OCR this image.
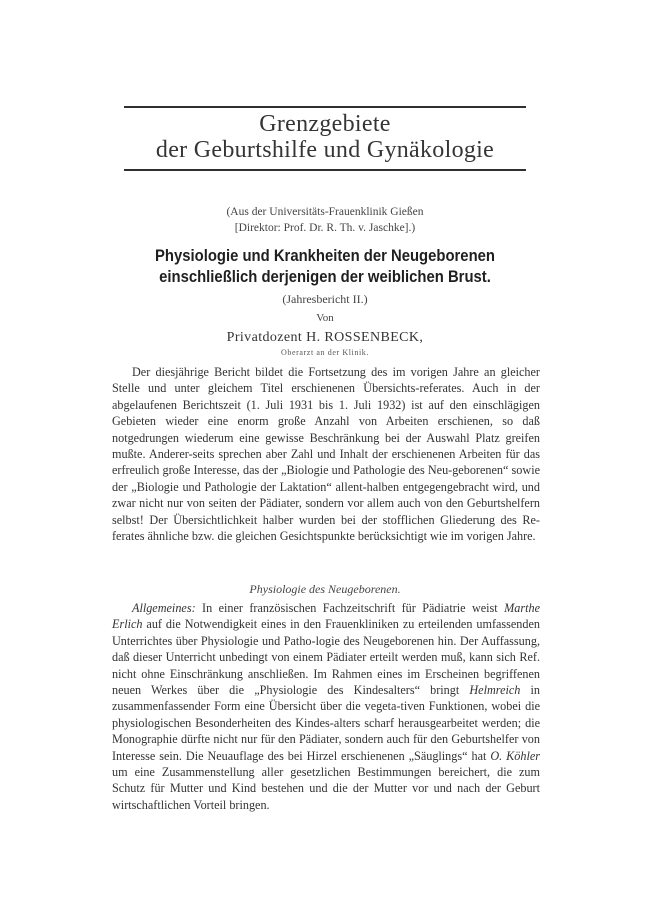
Grenzgebiete
der Geburtshilfe und Gynäkologie
(Aus der Universitäts-Frauenklinik Gießen
[Direktor: Prof. Dr. R. Th. v. Jaschke].)
Physiologie und Krankheiten der Neugeborenen
einschließlich derjenigen der weiblichen Brust.
(Jahresbericht II.)
Von
Privatdozent H. ROSSENBECK,
Oberarzt an der Klinik.

Der diesjährige Bericht bildet die Fortsetzung des im vorigen Jahre an gleicher Stelle und unter gleichem Titel erschienenen Übersichts-referates. Auch in der abgelaufenen Berichtszeit (1. Juli 1931 bis 1. Juli 1932) ist auf den einschlägigen Gebieten wieder eine enorm große Anzahl von Arbeiten erschienen, so daß notgedrungen wiederum eine gewisse Beschränkung bei der Auswahl Platz greifen mußte. Anderer-seits sprechen aber Zahl und Inhalt der erschienenen Arbeiten für das erfreulich große Interesse, das der „Biologie und Pathologie des Neu-geborenen“ sowie der „Biologie und Pathologie der Laktation“ allent-halben entgegengebracht wird, und zwar nicht nur von seiten der Pädiater, sondern vor allem auch von den Geburtshelfern selbst! Der Übersichtlichkeit halber wurden bei der stofflichen Gliederung des Re-ferates ähnliche bzw. die gleichen Gesichtspunkte berücksichtigt wie im vorigen Jahre.

Physiologie des Neugeborenen.

Allgemeines: In einer französischen Fachzeitschrift für Pädiatrie weist Marthe Erlich auf die Notwendigkeit eines in den Frauenkliniken zu erteilenden umfassenden Unterrichtes über Physiologie und Patho-logie des Neugeborenen hin. Der Auffassung, daß dieser Unterricht unbedingt von einem Pädiater erteilt werden muß, kann sich Ref. nicht ohne Einschränkung anschließen. Im Rahmen eines im Erscheinen begriffenen neuen Werkes über die „Physiologie des Kindesalters“ bringt Helmreich in zusammenfassender Form eine Übersicht über die vegeta-tiven Funktionen, wobei die physiologischen Besonderheiten des Kindes-alters scharf herausgearbeitet werden; die Monographie dürfte nicht nur für den Pädiater, sondern auch für den Geburtshelfer von Interesse sein. Die Neuauflage des bei Hirzel erschienenen „Säuglings“ hat O. Köhler um eine Zusammenstellung aller gesetzlichen Bestimmungen bereichert, die zum Schutz für Mutter und Kind bestehen und die der Mutter vor und nach der Geburt wirtschaftlichen Vorteil bringen.
